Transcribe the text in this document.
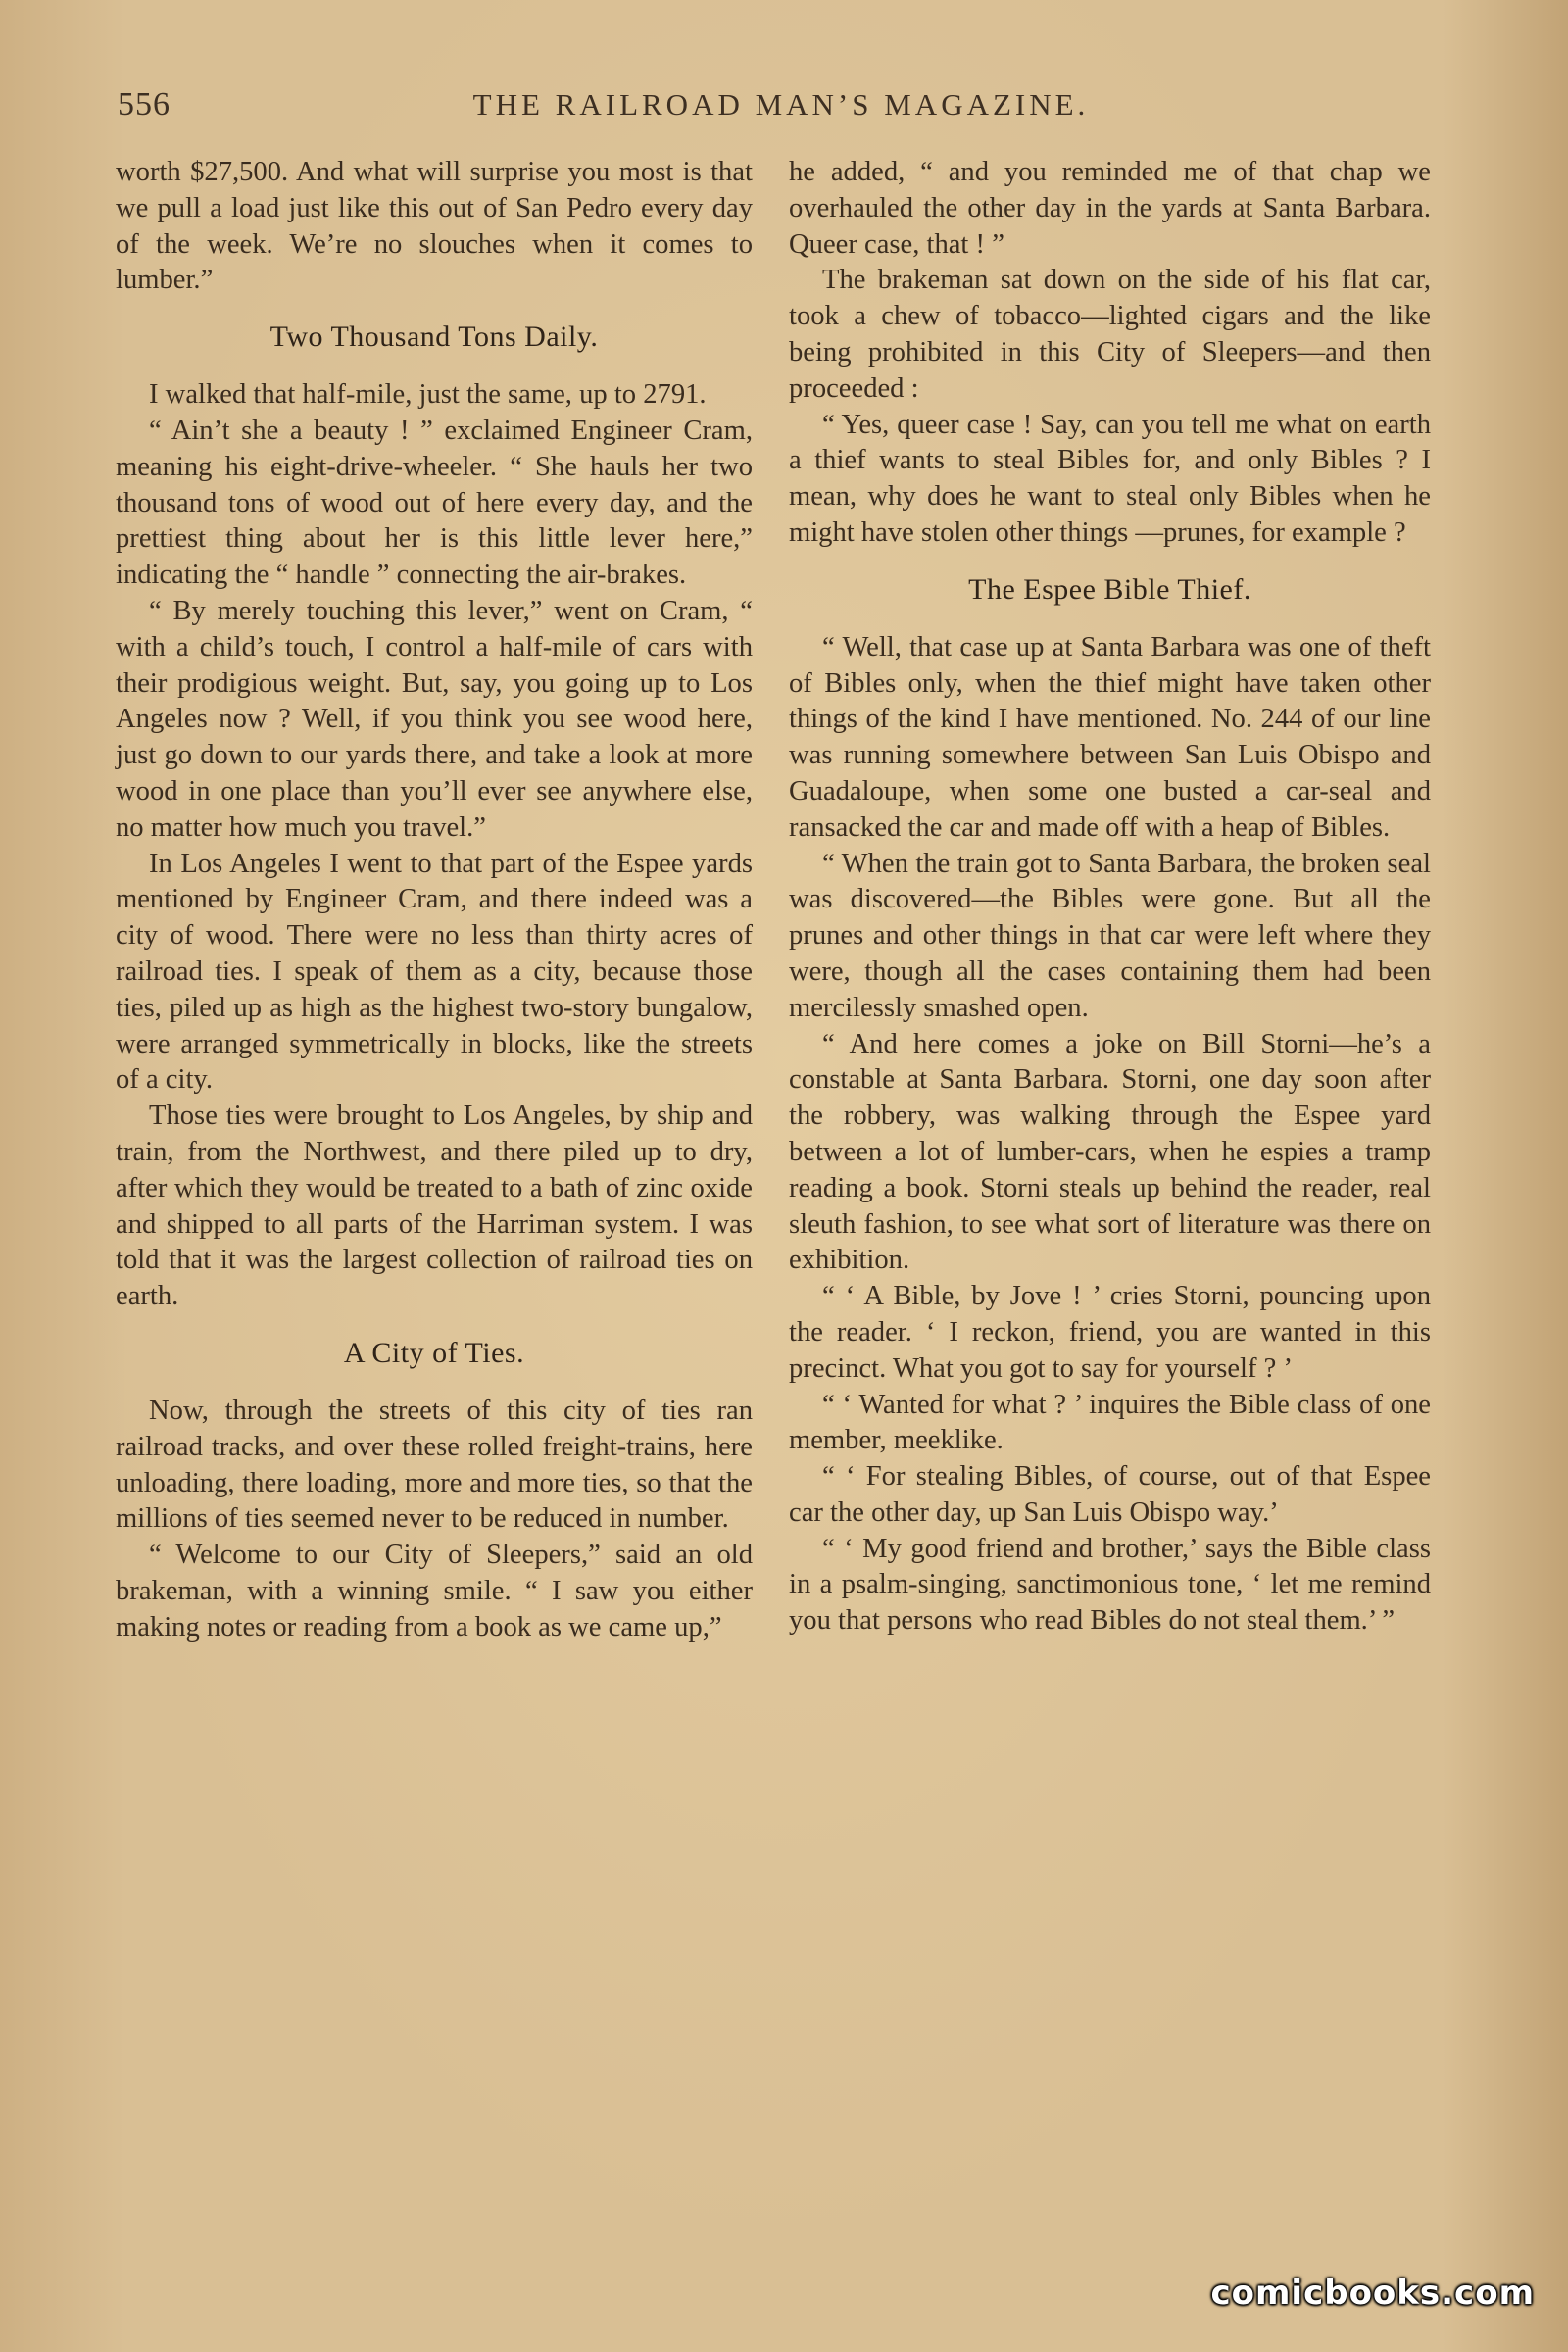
556	THE RAILROAD MAN’S MAGAZINE.

worth $27,500. And what will surprise you most is that we pull a load just like this out of San Pedro every day of the week. We’re no slouches when it comes to lumber.”

Two Thousand Tons Daily.

I walked that half-mile, just the same, up to 2791.

“ Ain’t she a beauty ! ” exclaimed Engineer Cram, meaning his eight-drive-wheeler. “ She hauls her two thousand tons of wood out of here every day, and the prettiest thing about her is this little lever here,” indicating the “ handle ” connecting the air-brakes.

“ By merely touching this lever,” went on Cram, “ with a child’s touch, I control a half-mile of cars with their prodigious weight. But, say, you going up to Los Angeles now ? Well, if you think you see wood here, just go down to our yards there, and take a look at more wood in one place than you’ll ever see anywhere else, no matter how much you travel.”

In Los Angeles I went to that part of the Espee yards mentioned by Engineer Cram, and there indeed was a city of wood. There were no less than thirty acres of railroad ties. I speak of them as a city, because those ties, piled up as high as the highest two-story bungalow, were arranged symmetrically in blocks, like the streets of a city.

Those ties were brought to Los Angeles, by ship and train, from the Northwest, and there piled up to dry, after which they would be treated to a bath of zinc oxide and shipped to all parts of the Harriman system. I was told that it was the largest collection of railroad ties on earth.

A City of Ties.

Now, through the streets of this city of ties ran railroad tracks, and over these rolled freight-trains, here unloading, there loading, more and more ties, so that the millions of ties seemed never to be reduced in number.

“ Welcome to our City of Sleepers,” said an old brakeman, with a winning smile. “ I saw you either making notes or reading from a book as we came up,”

he added, “ and you reminded me of that chap we overhauled the other day in the yards at Santa Barbara. Queer case, that ! ”

The brakeman sat down on the side of his flat car, took a chew of tobacco—lighted cigars and the like being prohibited in this City of Sleepers—and then proceeded :

“ Yes, queer case ! Say, can you tell me what on earth a thief wants to steal Bibles for, and only Bibles ? I mean, why does he want to steal only Bibles when he might have stolen other things —prunes, for example ?

The Espee Bible Thief.

“ Well, that case up at Santa Barbara was one of theft of Bibles only, when the thief might have taken other things of the kind I have mentioned. No. 244 of our line was running somewhere between San Luis Obispo and Guadaloupe, when some one busted a car-seal and ransacked the car and made off with a heap of Bibles.

“ When the train got to Santa Barbara, the broken seal was discovered—the Bibles were gone. But all the prunes and other things in that car were left where they were, though all the cases containing them had been mercilessly smashed open.

“ And here comes a joke on Bill Storni—he’s a constable at Santa Barbara. Storni, one day soon after the robbery, was walking through the Espee yard between a lot of lumber-cars, when he espies a tramp reading a book. Storni steals up behind the reader, real sleuth fashion, to see what sort of literature was there on exhibition.

“ ‘ A Bible, by Jove ! ’ cries Storni, pouncing upon the reader. ‘ I reckon, friend, you are wanted in this precinct. What you got to say for yourself ? ’

“ ‘ Wanted for what ? ’ inquires the Bible class of one member, meeklike.

“ ‘ For stealing Bibles, of course, out of that Espee car the other day, up San Luis Obispo way.’

“ ‘ My good friend and brother,’ says the Bible class in a psalm-singing, sanctimonious tone, ‘ let me remind you that persons who read Bibles do not steal them.’ ”

comicbooks.com
